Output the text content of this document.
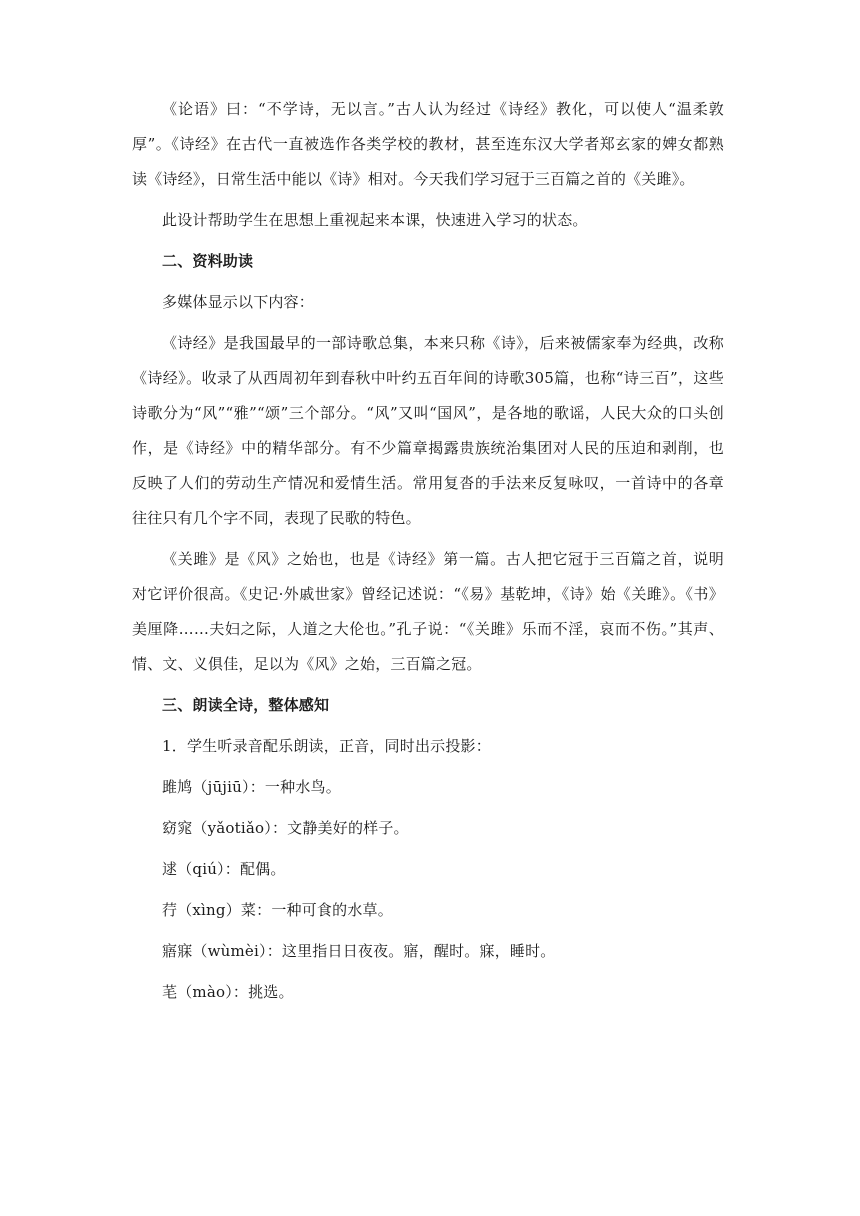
《论语》曰：“不学诗，无以言。”古人认为经过《诗经》教化，可以使人“温柔敦厚”。《诗经》在古代一直被选作各类学校的教材，甚至连东汉大学者郑玄家的婢女都熟读《诗经》，日常生活中能以《诗》相对。今天我们学习冠于三百篇之首的《关雎》。

此设计帮助学生在思想上重视起来本课，快速进入学习的状态。

二、资料助读

多媒体显示以下内容：

《诗经》是我国最早的一部诗歌总集，本来只称《诗》，后来被儒家奉为经典，改称《诗经》。收录了从西周初年到春秋中叶约五百年间的诗歌305篇，也称“诗三百”，这些诗歌分为“风”“雅”“颂”三个部分。“风”又叫“国风”，是各地的歌谣，人民大众的口头创作，是《诗经》中的精华部分。有不少篇章揭露贵族统治集团对人民的压迫和剥削，也反映了人们的劳动生产情况和爱情生活。常用复沓的手法来反复咏叹，一首诗中的各章往往只有几个字不同，表现了民歌的特色。

《关雎》是《风》之始也，也是《诗经》第一篇。古人把它冠于三百篇之首，说明对它评价很高。《史记·外戚世家》曾经记述说：“《易》基乾坤，《诗》始《关雎》。《书》美厘降……夫妇之际，人道之大伦也。”孔子说：“《关雎》乐而不淫，哀而不伤。”其声、情、文、义俱佳，足以为《风》之始，三百篇之冠。

三、朗读全诗，整体感知

1．学生听录音配乐朗读，正音，同时出示投影：

雎鸠（jūjiū）：一种水鸟。

窈窕（yǎotiǎo）：文静美好的样子。

逑（qiú）：配偶。

荇（xìng）菜：一种可食的水草。

寤寐（wùmèi）：这里指日日夜夜。寤，醒时。寐，睡时。

芼（mào）：挑选。
